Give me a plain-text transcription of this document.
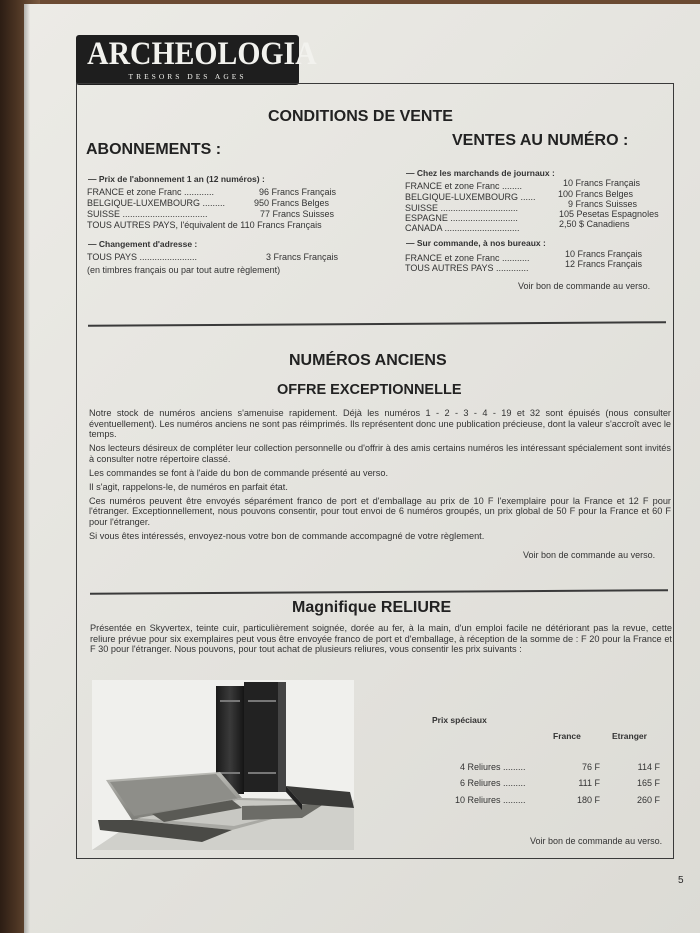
ARCHEOLOGIA
TRESORS DES AGES
CONDITIONS DE VENTE
ABONNEMENTS :
VENTES AU NUMÉRO :
— Prix de l'abonnement 1 an (12 numéros) :
FRANCE et zone Franc ............	96 Francs Français
BELGIQUE-LUXEMBOURG .........	950 Francs Belges
SUISSE ..................................	77 Francs Suisses
TOUS AUTRES PAYS, l'équivalent de 110 Francs Français
— Changement d'adresse :
TOUS PAYS .......................	3 Francs Français
(en timbres français ou par tout autre règlement)
— Chez les marchands de journaux :
FRANCE et zone Franc ........	10 Francs Français
BELGIQUE-LUXEMBOURG ...... 100 Francs Belges
SUISSE ...............................	9 Francs Suisses
ESPAGNE ...........................	105 Pesetas Espagnoles
CANADA ..............................	2,50 $ Canadiens
— Sur commande, à nos bureaux :
FRANCE et zone Franc ...........	10 Francs Français
TOUS AUTRES PAYS .............	12 Francs Français
Voir bon de commande au verso.
NUMÉROS ANCIENS
OFFRE EXCEPTIONNELLE

Notre stock de numéros anciens s'amenuise rapidement. Déjà les numéros 1 - 2 - 3 - 4 - 19 et 32 sont épuisés (nous consulter éventuellement). Les numéros anciens ne sont pas réimprimés. Ils représentent donc une publication précieuse, dont la valeur s'accroît avec le temps.

Nos lecteurs désireux de compléter leur collection personnelle ou d'offrir à des amis certains numéros les intéressant spécialement sont invités à consulter notre répertoire classé.

Les commandes se font à l'aide du bon de commande présenté au verso.

Il s'agit, rappelons-le, de numéros en parfait état.

Ces numéros peuvent être envoyés séparément franco de port et d'emballage au prix de 10 F l'exemplaire pour la France et 12 F pour l'étranger. Exceptionnellement, nous pouvons consentir, pour tout envoi de 6 numéros groupés, un prix global de 50 F pour la France et 60 F pour l'étranger.

Si vous êtes intéressés, envoyez-nous votre bon de commande accompagné de votre règlement.

Voir bon de commande au verso.
Magnifique RELIURE

Présentée en Skyvertex, teinte cuir, particulièrement soignée, dorée au fer, à la main, d'un emploi facile ne détériorant pas la revue, cette reliure prévue pour six exemplaires peut vous être envoyée franco de port et d'emballage, à réception de la somme de : F 20 pour la France et F 30 pour l'étranger. Nous pouvons, pour tout achat de plusieurs reliures, vous consentir les prix suivants :

Prix spéciaux
France	Etranger
4 Reliures .........	76 F	114 F
6 Reliures .........	111 F	165 F
10 Reliures .........	180 F	260 F
Voir bon de commande au verso.
5
